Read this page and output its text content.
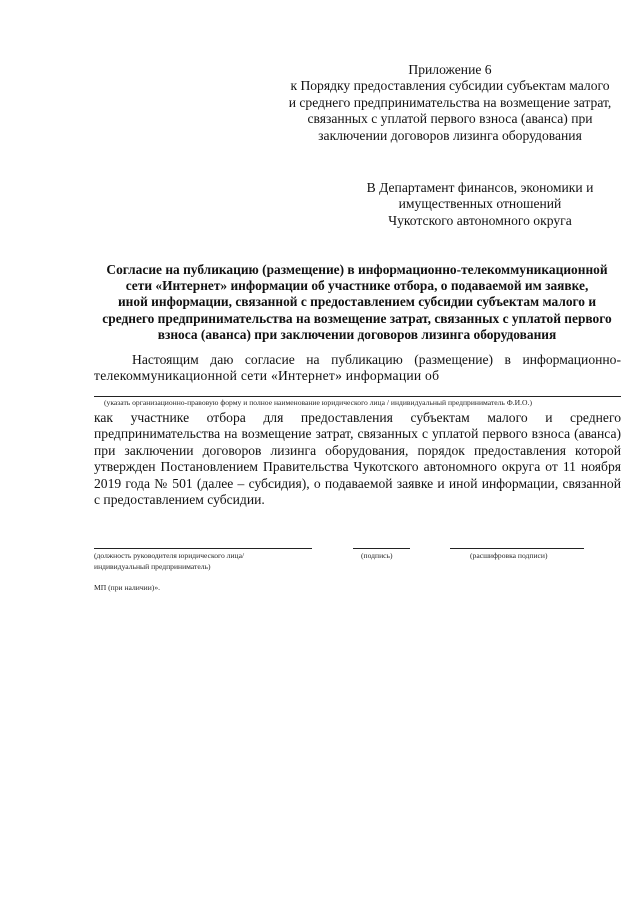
Приложение 6
к Порядку предоставления субсидии субъектам малого
и среднего предпринимательства на возмещение затрат,
связанных с уплатой первого взноса (аванса) при
заключении договоров лизинга оборудования
В Департамент финансов, экономики и
имущественных отношений
Чукотского автономного округа
Согласие на публикацию (размещение) в информационно-телекоммуникационной
сети «Интернет» информации об участнике отбора, о подаваемой им заявке,
иной информации, связанной с предоставлением субсидии субъектам малого и
среднего предпринимательства на возмещение затрат, связанных с уплатой первого
взноса (аванса) при заключении договоров лизинга оборудования
Настоящим даю согласие на публикацию (размещение) в информационно-
телекоммуникационной сети «Интернет» информации об
(указать организационно-правовую форму и полное наименование юридического лица / индивидуальный предприниматель Ф.И.О.)
как участнике отбора для предоставления субъектам малого и среднего
предпринимательства на возмещение затрат, связанных с уплатой первого взноса (аванса)
при заключении договоров лизинга оборудования, порядок предоставления которой
утвержден Постановлением Правительства Чукотского автономного округа от 11 ноября
2019 года № 501 (далее – субсидия), о подаваемой заявке и иной информации, связанной
с предоставлением субсидии.
(должность руководителя юридического лица/
индивидуальный предприниматель)
(подпись)	(расшифровка подписи)
МП (при наличии)».
